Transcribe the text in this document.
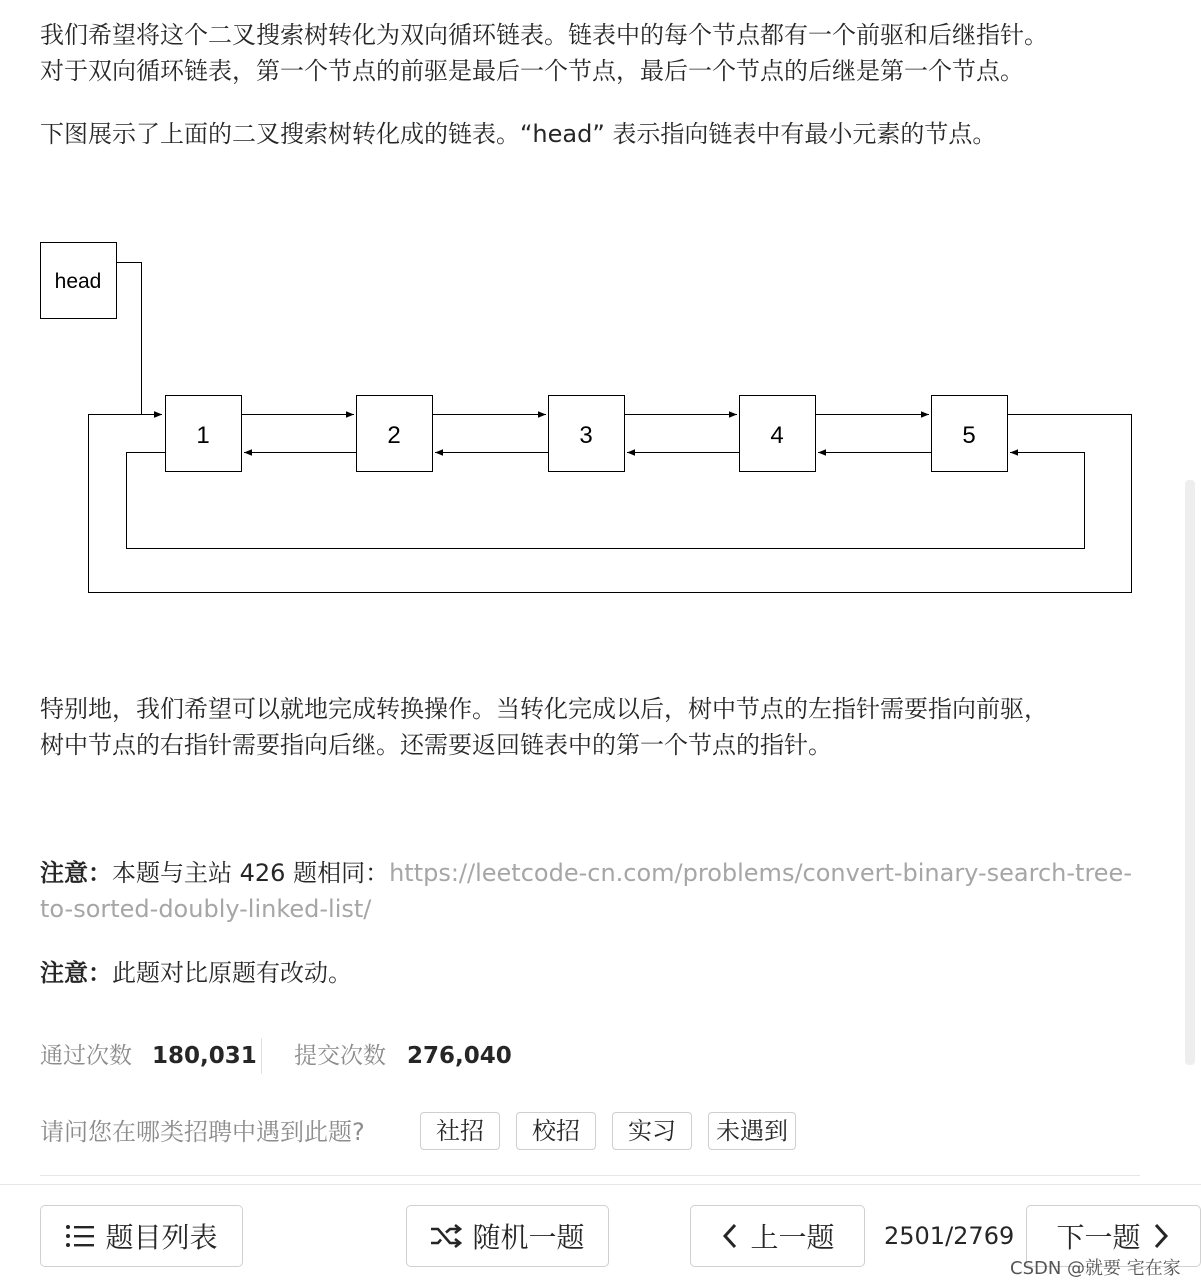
我们希望将这个二叉搜索树转化为双向循环链表。链表中的每个节点都有一个前驱和后继指针。
对于双向循环链表，第一个节点的前驱是最后一个节点，最后一个节点的后继是第一个节点。

下图展示了上面的二叉搜索树转化成的链表。“head” 表示指向链表中有最小元素的节点。

head
1	2	3	4	5

特别地，我们希望可以就地完成转换操作。当转化完成以后，树中节点的左指针需要指向前驱，
树中节点的右指针需要指向后继。还需要返回链表中的第一个节点的指针。

注意：本题与主站 426 题相同：https://leetcode-cn.com/problems/convert-binary-search-tree-
to-sorted-doubly-linked-list/

注意：此题对比原题有改动。

通过次数 180,031 提交次数 276,040
请问您在哪类招聘中遇到此题?	社招	校招	实习	未遇到
题目列表	随机一题	上一题 2501/2769 下一题
CSDN @就要 宅在家
